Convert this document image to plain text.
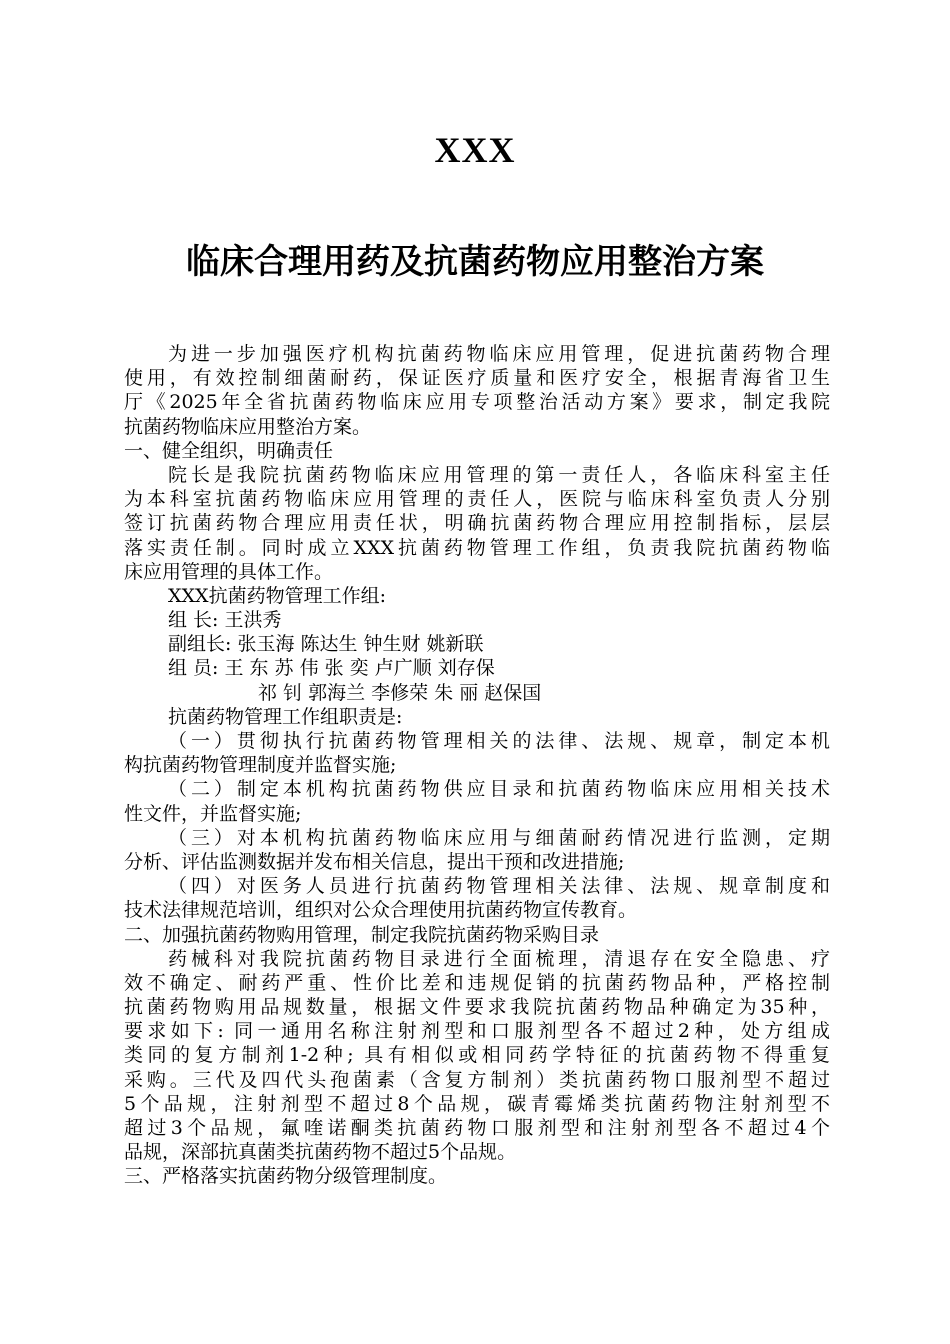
XXX
临床合理用药及抗菌药物应用整治方案
为进一步加强医疗机构抗菌药物临床应用管理，促进抗菌药物合理
使用，有效控制细菌耐药，保证医疗质量和医疗安全，根据青海省卫生
厅《2025年全省抗菌药物临床应用专项整治活动方案》要求，制定我院
抗菌药物临床应用整治方案。
一、健全组织，明确责任
院长是我院抗菌药物临床应用管理的第一责任人，各临床科室主任
为本科室抗菌药物临床应用管理的责任人，医院与临床科室负责人分别
签订抗菌药物合理应用责任状，明确抗菌药物合理应用控制指标，层层
落实责任制。同时成立XXX抗菌药物管理工作组，负责我院抗菌药物临
床应用管理的具体工作。
XXX抗菌药物管理工作组:
组 长: 王洪秀
副组长: 张玉海 陈达生 钟生财 姚新联
组 员: 王 东 苏 伟 张 奕 卢广顺 刘存保
祁 钊 郭海兰 李修荣 朱 丽 赵保国
抗菌药物管理工作组职责是:
（一）贯彻执行抗菌药物管理相关的法律、法规、规章，制定本机
构抗菌药物管理制度并监督实施;
（二）制定本机构抗菌药物供应目录和抗菌药物临床应用相关技术
性文件，并监督实施;
（三）对本机构抗菌药物临床应用与细菌耐药情况进行监测，定期
分析、评估监测数据并发布相关信息，提出干预和改进措施;
（四）对医务人员进行抗菌药物管理相关法律、法规、规章制度和
技术法律规范培训，组织对公众合理使用抗菌药物宣传教育。
二、加强抗菌药物购用管理，制定我院抗菌药物采购目录
药械科对我院抗菌药物目录进行全面梳理，清退存在安全隐患、疗
效不确定、耐药严重、性价比差和违规促销的抗菌药物品种，严格控制
抗菌药物购用品规数量，根据文件要求我院抗菌药物品种确定为35种，
要求如下: 同一通用名称注射剂型和口服剂型各不超过2种，处方组成
类同的复方制剂1-2种; 具有相似或相同药学特征的抗菌药物不得重复
采购。三代及四代头孢菌素（含复方制剂）类抗菌药物口服剂型不超过
5个品规，注射剂型不超过8个品规，碳青霉烯类抗菌药物注射剂型不
超过3个品规，氟喹诺酮类抗菌药物口服剂型和注射剂型各不超过4个
品规，深部抗真菌类抗菌药物不超过5个品规。
三、严格落实抗菌药物分级管理制度。
